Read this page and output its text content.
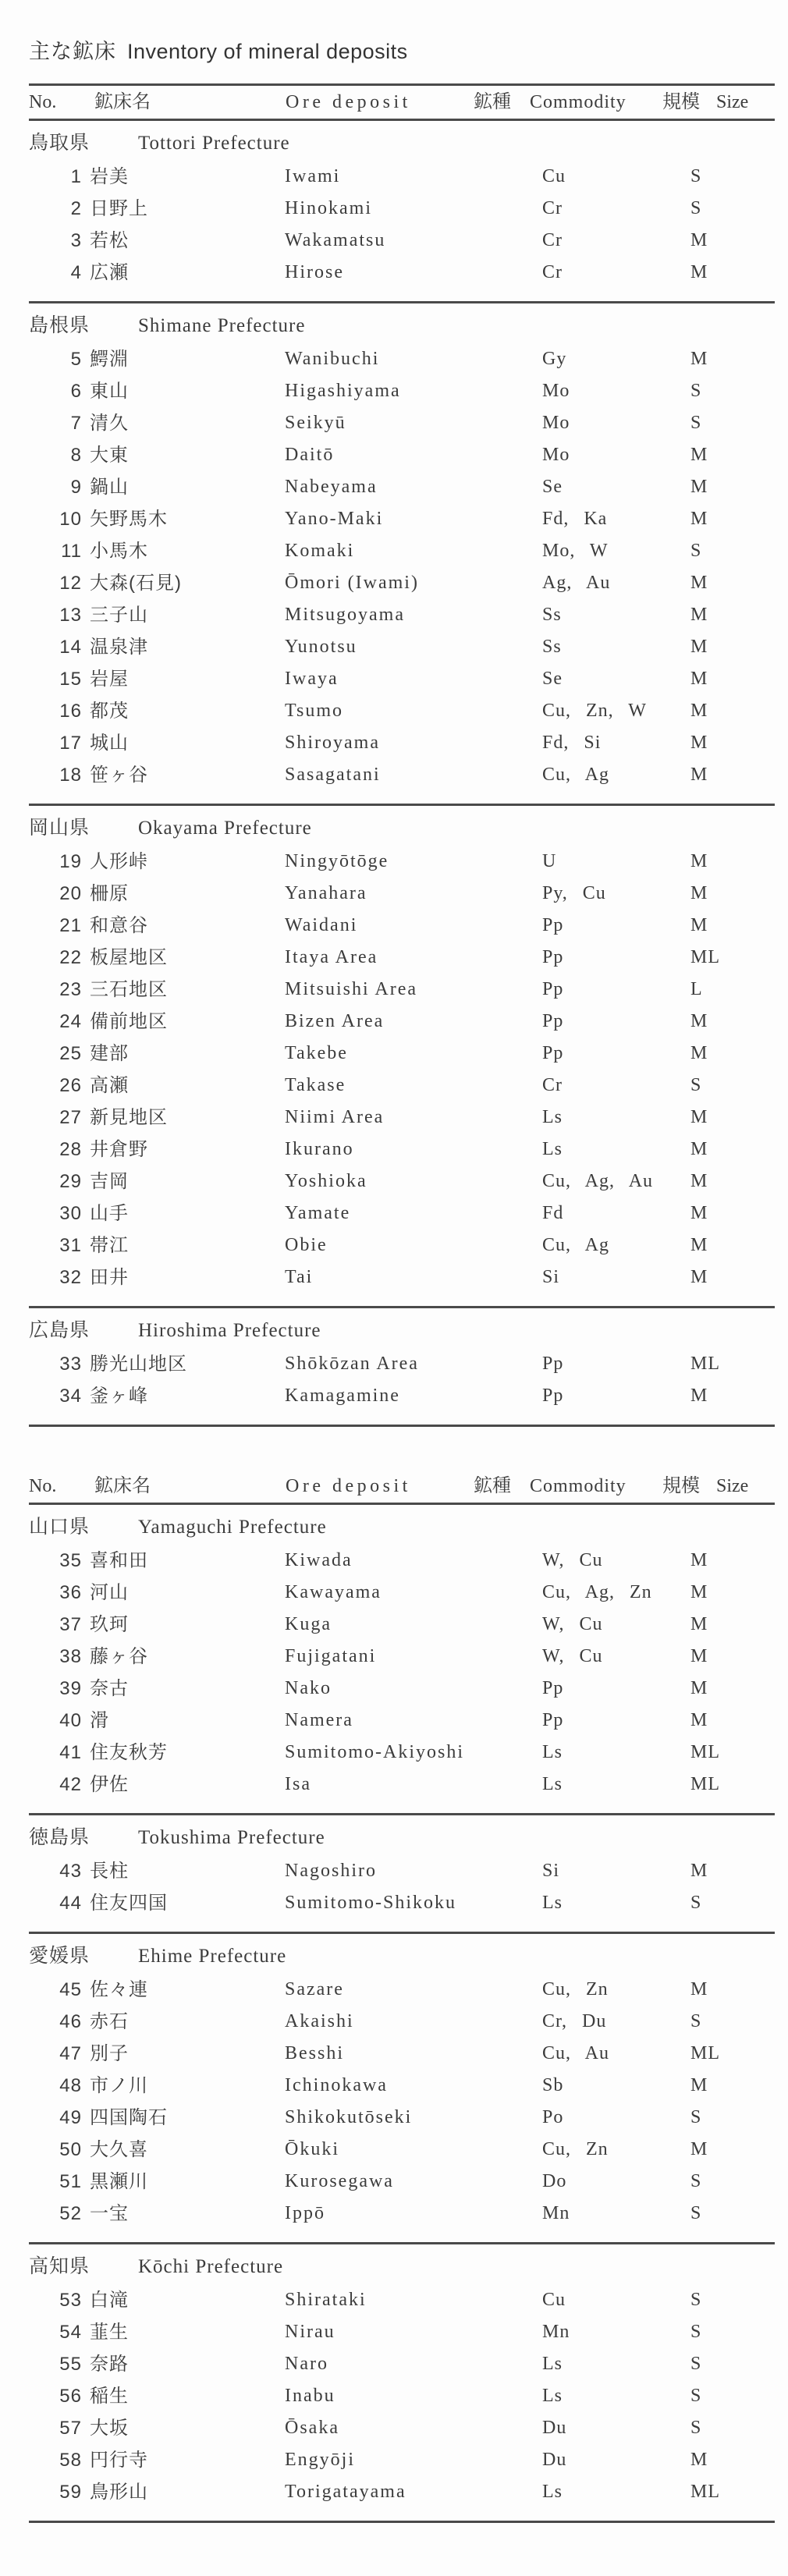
主な鉱床 Inventory of mineral deposits
No. 鉱床名	Ore deposit	鉱種 Commodity 規模 Size
鳥取県 Tottori Prefecture
1 岩美	Iwami	Cu	S
2 日野上	Hinokami	Cr	S
3 若松	Wakamatsu	Cr	M
4 広瀬	Hirose	Cr	M
島根県 Shimane Prefecture
5 鰐淵	Wanibuchi	Gy	M
6 東山	Higashiyama	Mo	S
7 清久	Seikyū	Mo	S
8 大東	Daitō	Mo	M
9 鍋山	Nabeyama	Se	M
10 矢野馬木	Yano-Maki	Fd, Ka	M
11 小馬木	Komaki	Mo, W	S
12 大森(石見)	Ōmori (Iwami)	Ag, Au	M
13 三子山	Mitsugoyama	Ss	M
14 温泉津	Yunotsu	Ss	M
15 岩屋	Iwaya	Se	M
16 都茂	Tsumo	Cu, Zn, W	M
17 城山	Shiroyama	Fd, Si	M
18 笹ヶ谷	Sasagatani	Cu, Ag	M
岡山県 Okayama Prefecture
19 人形峠	Ningyōtōge	U	M
20 柵原	Yanahara	Py, Cu	M
21 和意谷	Waidani	Pp	M
22 板屋地区	Itaya Area	Pp	ML
23 三石地区	Mitsuishi Area	Pp	L
24 備前地区	Bizen Area	Pp	M
25 建部	Takebe	Pp	M
26 高瀬	Takase	Cr	S
27 新見地区	Niimi Area	Ls	M
28 井倉野	Ikurano	Ls	M
29 吉岡	Yoshioka	Cu, Ag, Au	M
30 山手	Yamate	Fd	M
31 帯江	Obie	Cu, Ag	M
32 田井	Tai	Si	M
広島県 Hiroshima Prefecture
33 勝光山地区	Shōkōzan Area	Pp	ML
34 釜ヶ峰	Kamagamine	Pp	M
No. 鉱床名	Ore deposit	鉱種 Commodity 規模 Size
山口県 Yamaguchi Prefecture
35 喜和田	Kiwada	W, Cu	M
36 河山	Kawayama	Cu, Ag, Zn	M
37 玖珂	Kuga	W, Cu	M
38 藤ヶ谷	Fujigatani	W, Cu	M
39 奈古	Nako	Pp	M
40 滑	Namera	Pp	M
41 住友秋芳	Sumitomo-Akiyoshi	Ls	ML
42 伊佐	Isa	Ls	ML
徳島県 Tokushima Prefecture
43 長柱	Nagoshiro	Si	M
44 住友四国	Sumitomo-Shikoku	Ls	S
愛媛県 Ehime Prefecture
45 佐々連	Sazare	Cu, Zn	M
46 赤石	Akaishi	Cr, Du	S
47 別子	Besshi	Cu, Au	ML
48 市ノ川	Ichinokawa	Sb	M
49 四国陶石	Shikokutōseki	Po	S
50 大久喜	Ōkuki	Cu, Zn	M
51 黒瀬川	Kurosegawa	Do	S
52 一宝	Ippō	Mn	S
高知県 Kōchi Prefecture
53 白滝	Shirataki	Cu	S
54 韮生	Nirau	Mn	S
55 奈路	Naro	Ls	S
56 稲生	Inabu	Ls	S
57 大坂	Ōsaka	Du	S
58 円行寺	Engyōji	Du	M
59 鳥形山	Torigatayama	Ls	ML
